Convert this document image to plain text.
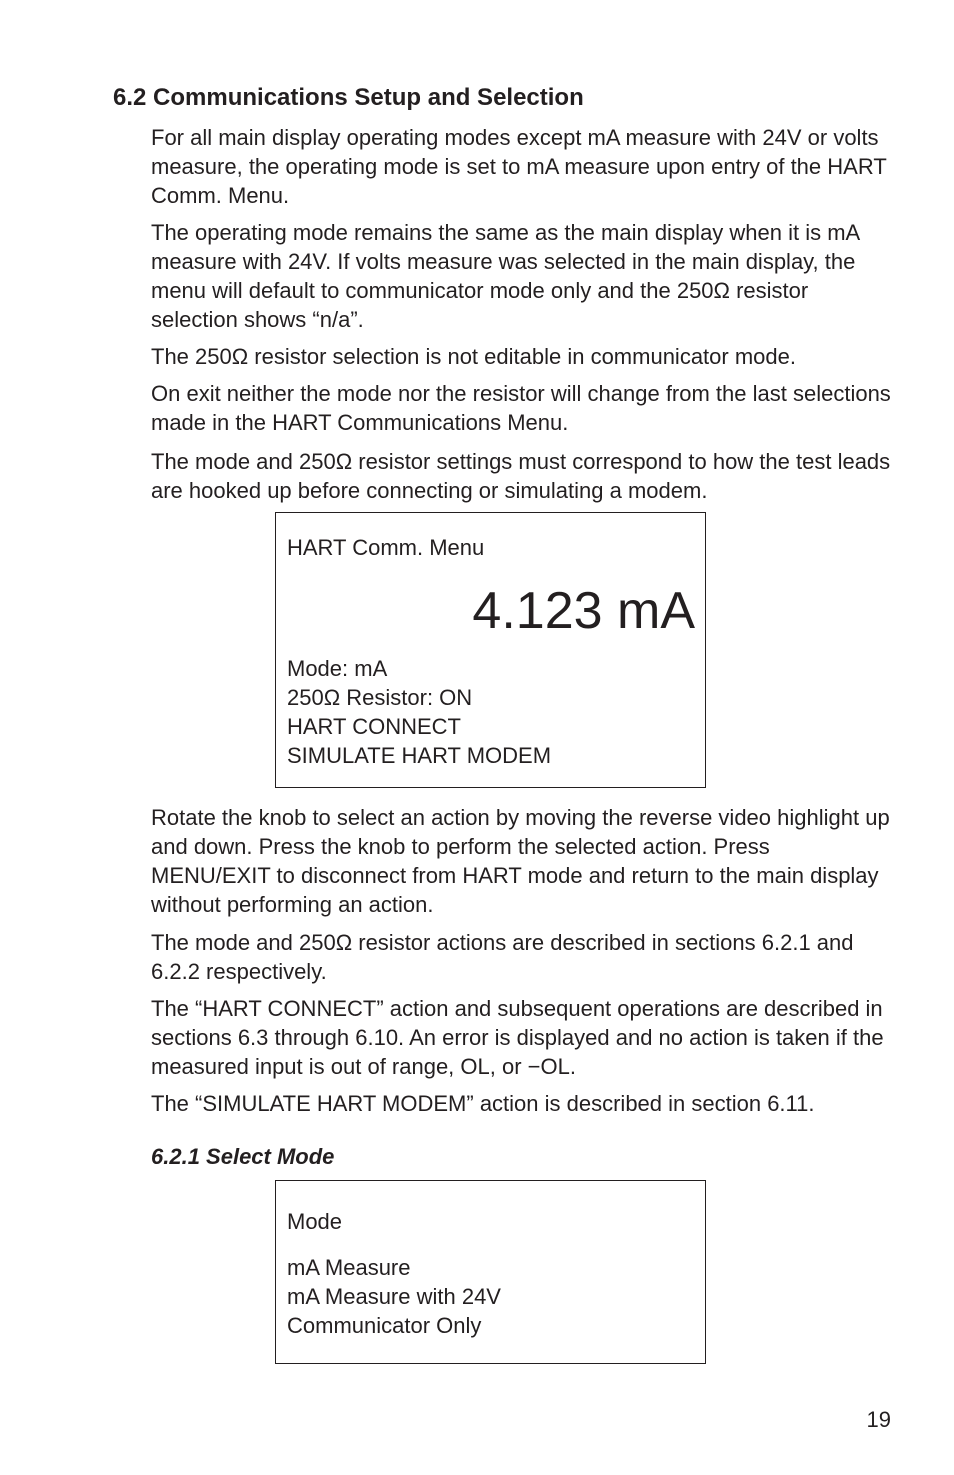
6.2 Communications Setup and Selection

For all main display operating modes except mA measure with 24V or volts measure, the operating mode is set to mA measure upon entry of the HART Comm. Menu.

The operating mode remains the same as the main display when it is mA measure with 24V. If volts measure was selected in the main display, the menu will default to communicator mode only and the 250Ω resistor selection shows “n/a”.

The 250Ω resistor selection is not editable in communicator mode.

On exit neither the mode nor the resistor will change from the last selections made in the HART Communications Menu.

The mode and 250Ω resistor settings must correspond to how the test leads are hooked up before connecting or simulating a modem.

HART Comm. Menu
4.123 mA
Mode: mA
250Ω Resistor: ON
HART CONNECT
SIMULATE HART MODEM

Rotate the knob to select an action by moving the reverse video highlight up and down. Press the knob to perform the selected action. Press MENU/EXIT to disconnect from HART mode and return to the main display without performing an action.

The mode and 250Ω resistor actions are described in sections 6.2.1 and 6.2.2 respectively.

The “HART CONNECT” action and subsequent operations are described in sections 6.3 through 6.10. An error is displayed and no action is taken if the measured input is out of range, OL, or −OL.

The “SIMULATE HART MODEM” action is described in section 6.11.

6.2.1 Select Mode
Mode
mA Measure
mA Measure with 24V
Communicator Only
19
